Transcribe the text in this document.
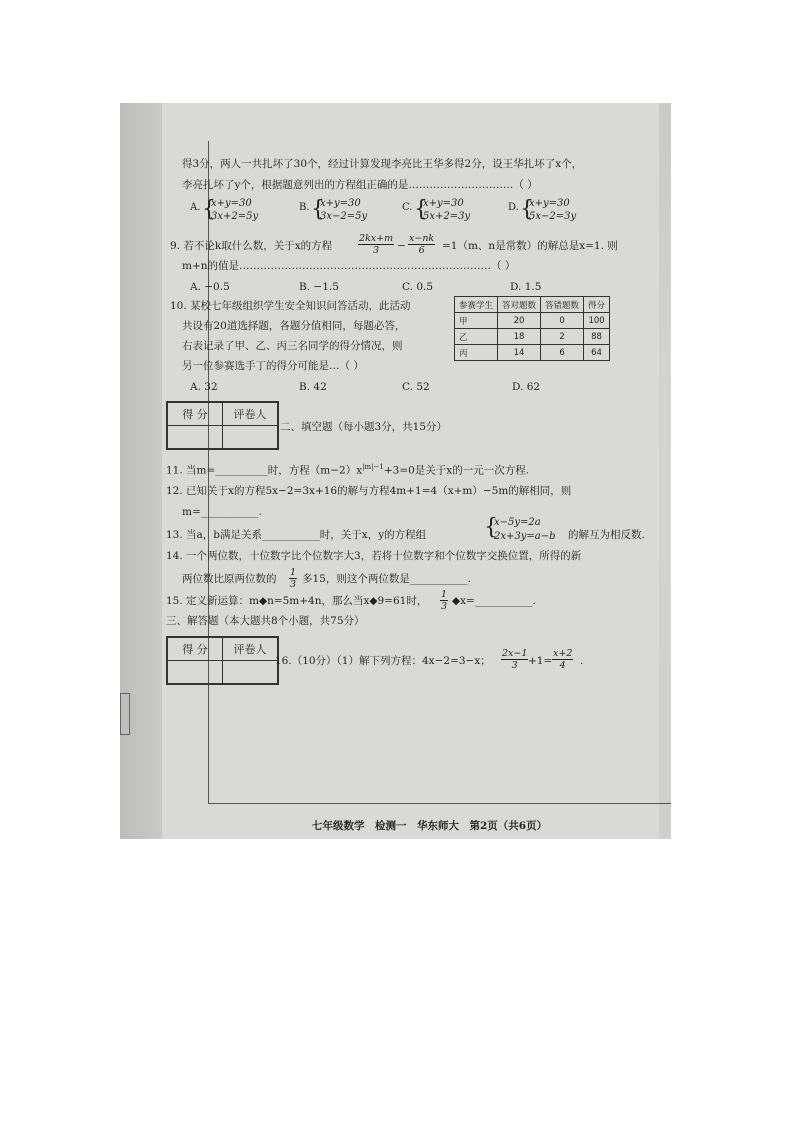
得3分，两人一共扎坏了30个，经过计算发现李亮比王华多得2分，设王华扎坏了x个，
李亮扎坏了y个，根据题意列出的方程组正确的是…………………………（ ）
A. {
x+y=30
3x+2=5y
B. {
x+y=30
3x−2=5y
C. {
x+y=30
5x+2=3y
D. {
x+y=30
5x−2=3y
9. 若不论k取什么数，关于x的方程	$\frac{2kx+m}{3} - \frac{x-nk}{6} =1(m$、n是常数）的解总是x=1. 则
m+n的值是………………………………………………………………（ ）
A. −0.5	B. −1.5	C. 0.5	D. 1.5
10. 某校七年级组织学生安全知识问答活动，此活动
共设有20道选择题，各题分值相同，每题必答，
右表记录了甲、乙、丙三名同学的得分情况，则
另一位参赛选手丁的得分可能是…（ ）
A. 32	B. 42	C. 52	D. 62
参赛学生	答对题数	答错题数	得分
甲	20	0	100
乙	18	2	88
丙	14	6	64
得 分	评卷人

二、填空题（每小题3分，共15分）
11. 当m=__________时，方程$(m-2)x^{|m|-1}+3=0$是关于x的一元一次方程.
12. 已知关于x的方程5x−2=3x+16的解与方程4m+1=4（x+m）−5m的解相同，则
m=___________.
13. 当a，b满足关系___________时，关于x，y的方程组	{
x−5y=2a
2x+3y=a−b 的解互为相反数.
14. 一个两位数，十位数字比个位数字大3，若将十位数字和个位数字交换位置，所得的新
两位数比原两位数的 $\frac{1}{3}$ 多15，则这个两位数是___________.
15. 定义新运算：m◆n=5m+4n，那么当x◆9=61时， $\frac{1}{3}$ ◆x=___________.
三、解答题（本大题共8个小题，共75分）
得 分	评卷人

16.（10分）（1）解下列方程：4x−2=3−x； $\frac{2x-1}{3} +1= \frac{x+2}{4}$ .
七年级数学　检测一　华东师大　第2页（共6页）
